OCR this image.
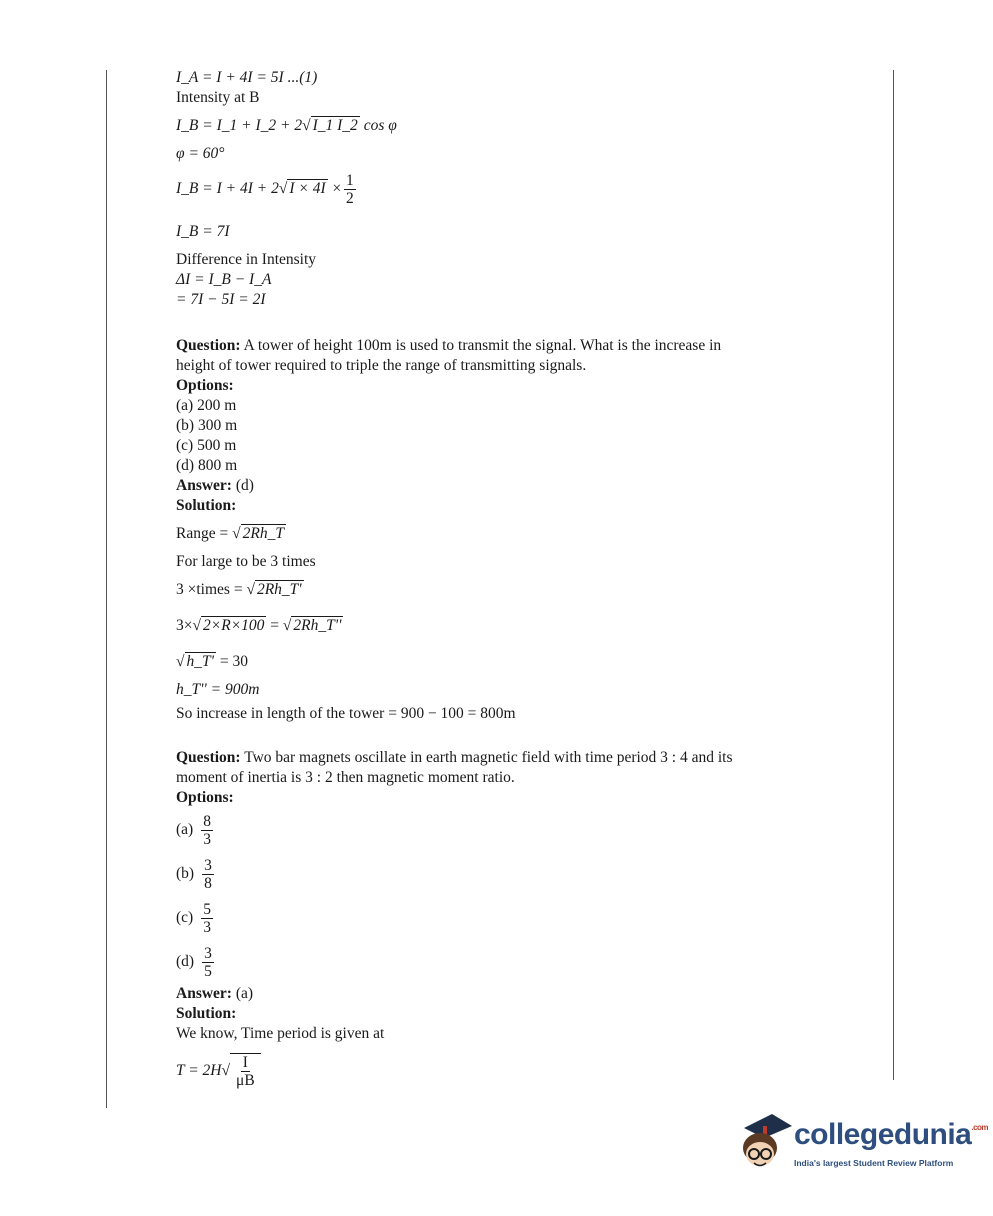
I_A = I + 4I = 5I ...(1)
Intensity at B
I_B = I_1 + I_2 + 2√ I_1 I_2 cos φ
φ = 60°
I_B = I + 4I + 2 √ $I \times 4I \times \frac{1}{2}$
I_B = 7I
Difference in Intensity
ΔI = I_B − I_A
= 7I − 5I = 2I
Question: A tower of height 100m is used to transmit the signal. What is the increase in
height of tower required to triple the range of transmitting signals.
Options:
(a) 200 m
(b) 300 m
(c) 500 m
(d) 800 m
Answer: (d)
Solution:
Range = √ 2Rh_T
For large to be 3 times
3 ×times = √ 2Rh_T'
3×√ 2×R×100 = √ 2Rh_T''
√ h_T' = 30
h_T'' = 900m
So increase in length of the tower = 900 − 100 = 800m
Question: Two bar magnets oscillate in earth magnetic field with time period 3 : 4 and its
moment of inertia is 3 : 2 then magnetic moment ratio.
Options:
$(a) \frac{8}{3}$
$(b) \frac{3}{8}$
$(c) \frac{5}{3}$
$(d) \frac{3}{5}$
Answer: (a)
Solution:
We know, Time period is given at
T = 2H √ $\frac{I}{\mu B}$
collegedunia$^{.com}$
India's largest Student Review Platform
